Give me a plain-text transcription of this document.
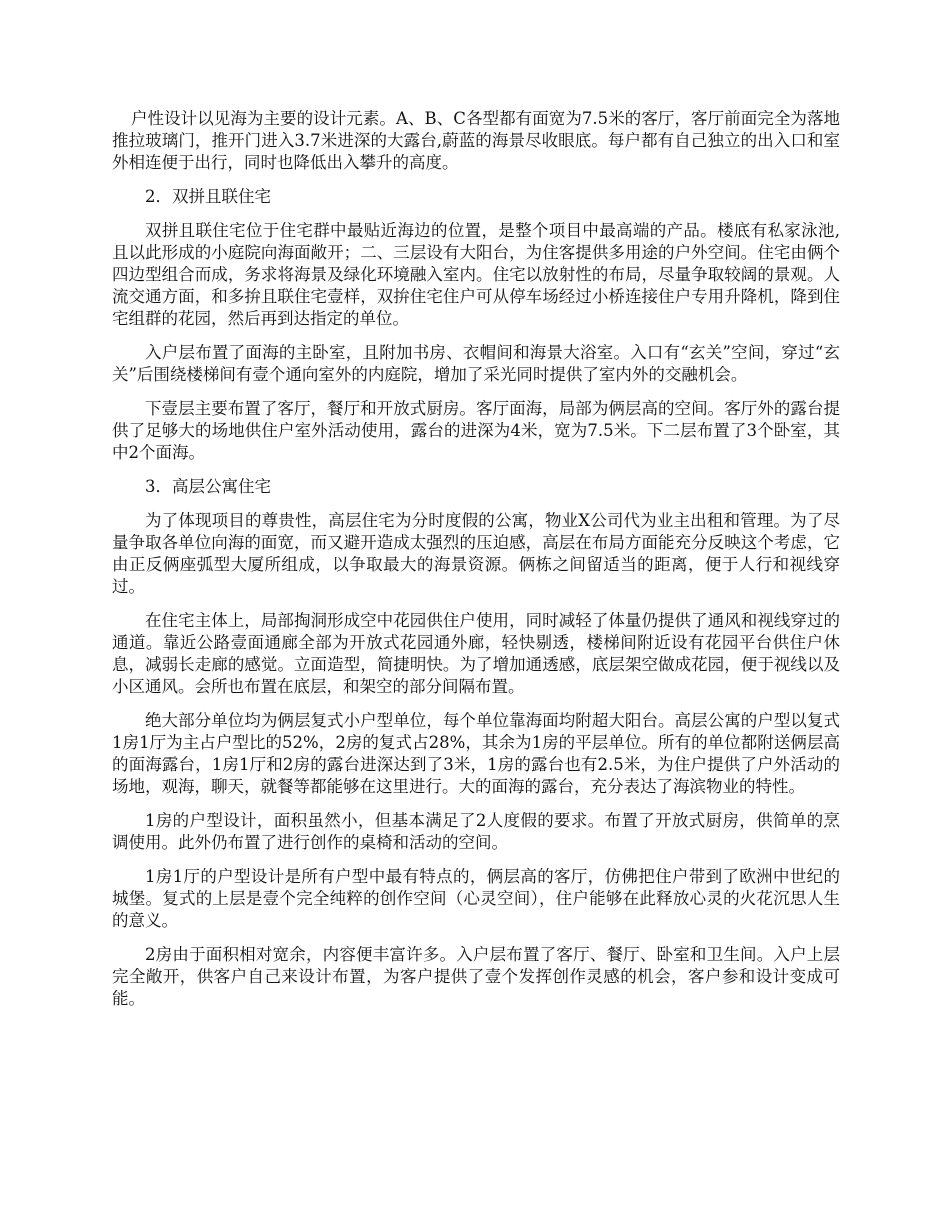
户性设计以见海为主要的设计元素。A、B、C各型都有面宽为7.5米的客厅，客厅前面完全为落地推拉玻璃门，推开门进入3.7米进深的大露台,蔚蓝的海景尽收眼底。每户都有自己独立的出入口和室外相连便于出行，同时也降低出入攀升的高度。

2．双拼且联住宅

双拼且联住宅位于住宅群中最贴近海边的位置，是整个项目中最高端的产品。楼底有私家泳池,且以此形成的小庭院向海面敞开；二、三层设有大阳台，为住客提供多用途的户外空间。住宅由俩个四边型组合而成，务求将海景及绿化环境融入室内。住宅以放射性的布局，尽量争取较阔的景观。人流交通方面，和多拚且联住宅壹样，双拚住宅住户可从停车场经过小桥连接住户专用升降机，降到住宅组群的花园，然后再到达指定的单位。

入户层布置了面海的主卧室，且附加书房、衣帽间和海景大浴室。入口有“玄关”空间，穿过“玄关”后围绕楼梯间有壹个通向室外的内庭院，增加了采光同时提供了室内外的交融机会。

下壹层主要布置了客厅，餐厅和开放式厨房。客厅面海，局部为俩层高的空间。客厅外的露台提供了足够大的场地供住户室外活动使用，露台的进深为4米，宽为7.5米。下二层布置了3个卧室，其中2个面海。

3．高层公寓住宅

为了体现项目的尊贵性，高层住宅为分时度假的公寓，物业X公司代为业主出租和管理。为了尽量争取各单位向海的面宽，而又避开造成太强烈的压迫感，高层在布局方面能充分反映这个考虑，它由正反俩座弧型大厦所组成，以争取最大的海景资源。俩栋之间留适当的距离，便于人行和视线穿过。

在住宅主体上，局部掏洞形成空中花园供住户使用，同时减轻了体量仍提供了通风和视线穿过的通道。靠近公路壹面通廊全部为开放式花园通外廊，轻快剔透，楼梯间附近设有花园平台供住户休息，减弱长走廊的感觉。立面造型，简捷明快。为了增加通透感，底层架空做成花园，便于视线以及小区通风。会所也布置在底层，和架空的部分间隔布置。

绝大部分单位均为俩层复式小户型单位，每个单位靠海面均附超大阳台。高层公寓的户型以复式1房1厅为主占户型比的52%，2房的复式占28%，其余为1房的平层单位。所有的单位都附送俩层高的面海露台，1房1厅和2房的露台进深达到了3米，1房的露台也有2.5米，为住户提供了户外活动的场地，观海，聊天，就餐等都能够在这里进行。大的面海的露台，充分表达了海滨物业的特性。

1房的户型设计，面积虽然小，但基本满足了2人度假的要求。布置了开放式厨房，供简单的烹调使用。此外仍布置了进行创作的桌椅和活动的空间。

1房1厅的户型设计是所有户型中最有特点的，俩层高的客厅，仿佛把住户带到了欧洲中世纪的城堡。复式的上层是壹个完全纯粹的创作空间（心灵空间），住户能够在此释放心灵的火花沉思人生的意义。

2房由于面积相对宽余，内容便丰富许多。入户层布置了客厅、餐厅、卧室和卫生间。入户上层完全敞开，供客户自己来设计布置，为客户提供了壹个发挥创作灵感的机会，客户参和设计变成可能。
